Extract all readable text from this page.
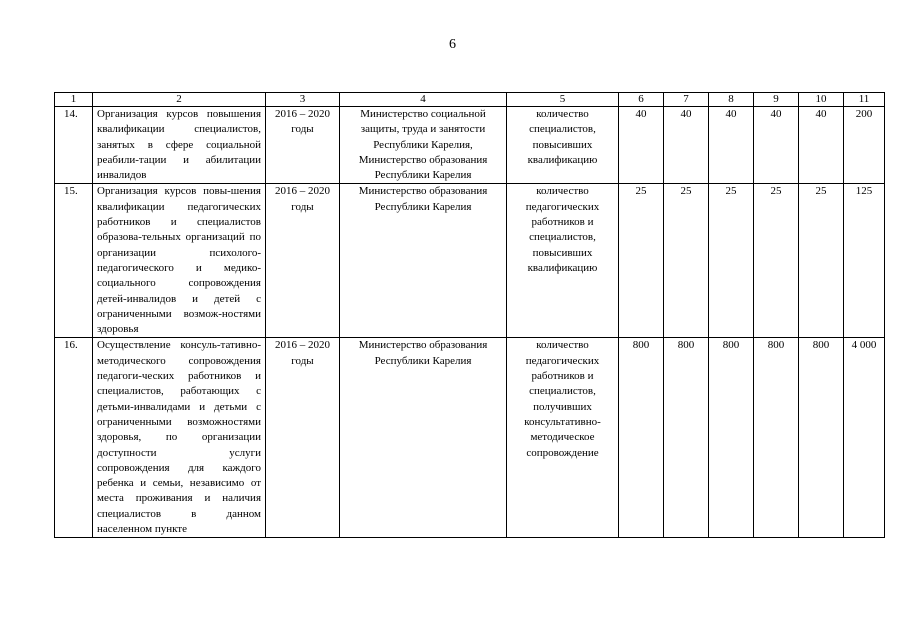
6
1	2	3	4	5	6	7	8	9	10	11
14.	Организация курсов повышения квалификации специалистов, занятых в сфере социальной реабили-тации и абилитации инвалидов	2016 – 2020 годы	Министерство социальной защиты, труда и занятости Республики Карелия, Министерство образования Республики Карелия	количество специалистов, повысивших квалификацию	40	40	40	40	40	200
15.	Организация курсов повы-шения квалификации педагогических работников и специалистов образова-тельных организаций по организации психолого-педагогического и медико-социального сопровождения детей-инвалидов и детей с ограниченными возмож-ностями здоровья	2016 – 2020 годы	Министерство образования Республики Карелия	количество педагогических работников и специалистов, повысивших квалификацию	25	25	25	25	25	125
16.	Осуществление консуль-тативно-методического сопровождения педагоги-ческих работников и специалистов, работающих с детьми-инвалидами и детьми с ограниченными возможностями здоровья, по организации доступности услуги сопровождения для каждого ребенка и семьи, независимо от места проживания и наличия специалистов в данном населенном пункте	2016 – 2020 годы	Министерство образования Республики Карелия	количество педагогических работников и специалистов, получивших консультативно-методическое сопровождение	800	800	800	800	800	4 000
